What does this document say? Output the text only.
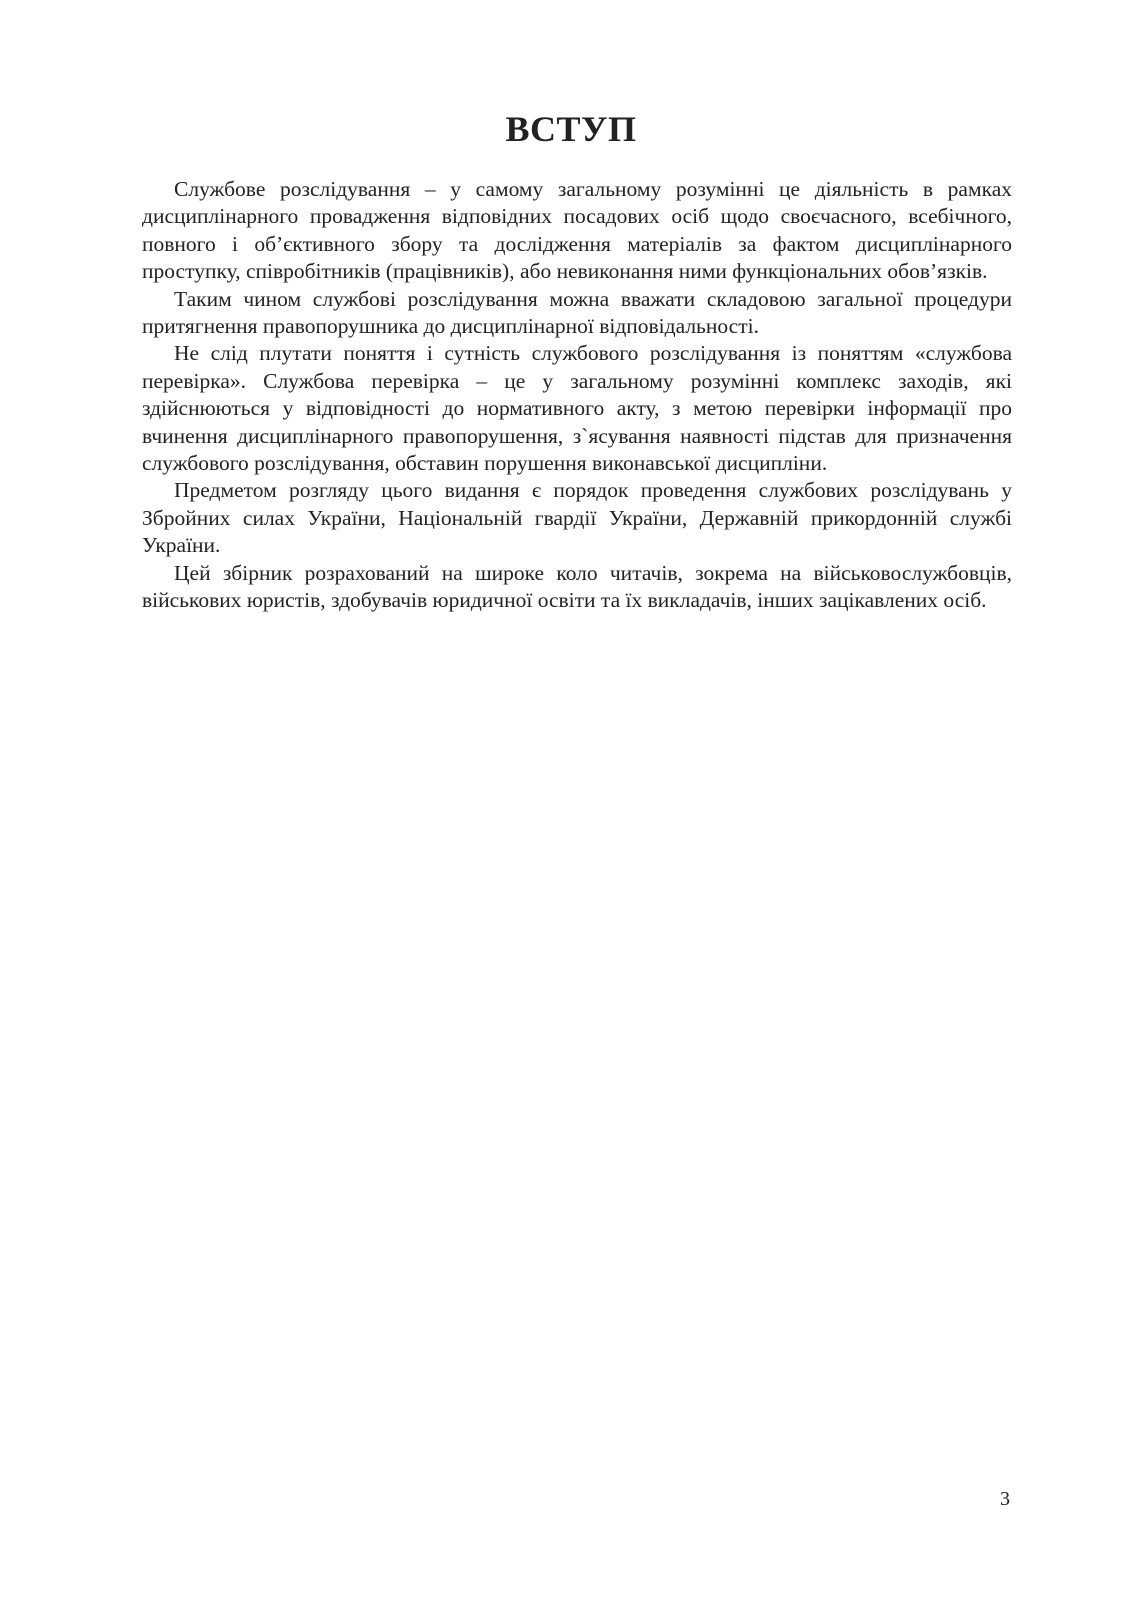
ВСТУП

Службове розслідування – у самому загальному розумінні це діяльність в рамках дисциплінарного провадження відповідних посадових осіб щодо своєчасного, всебічного, повного і об’єктивного збору та дослідження матеріалів за фактом дисциплінарного проступку, співробітників (працівників), або невиконання ними функціональних обов’язків.

Таким чином службові розслідування можна вважати складовою загальної процедури притягнення правопорушника до дисциплінарної відповідальності.

Не слід плутати поняття і сутність службового розслідування із поняттям «службова перевірка». Службова перевірка – це у загальному розумінні комплекс заходів, які здійснюються у відповідності до нормативного акту, з метою перевірки інформації про вчинення дисциплінарного правопорушення, з`ясування наявності підстав для призначення службового розслідування, обставин порушення виконавської дисципліни.

Предметом розгляду цього видання є порядок проведення службових розслідувань у Збройних силах України, Національній гвардії України, Державній прикордонній службі України.

Цей збірник розрахований на широке коло читачів, зокрема на військовослужбовців, військових юристів, здобувачів юридичної освіти та їх викладачів, інших зацікавлених осіб.

3
